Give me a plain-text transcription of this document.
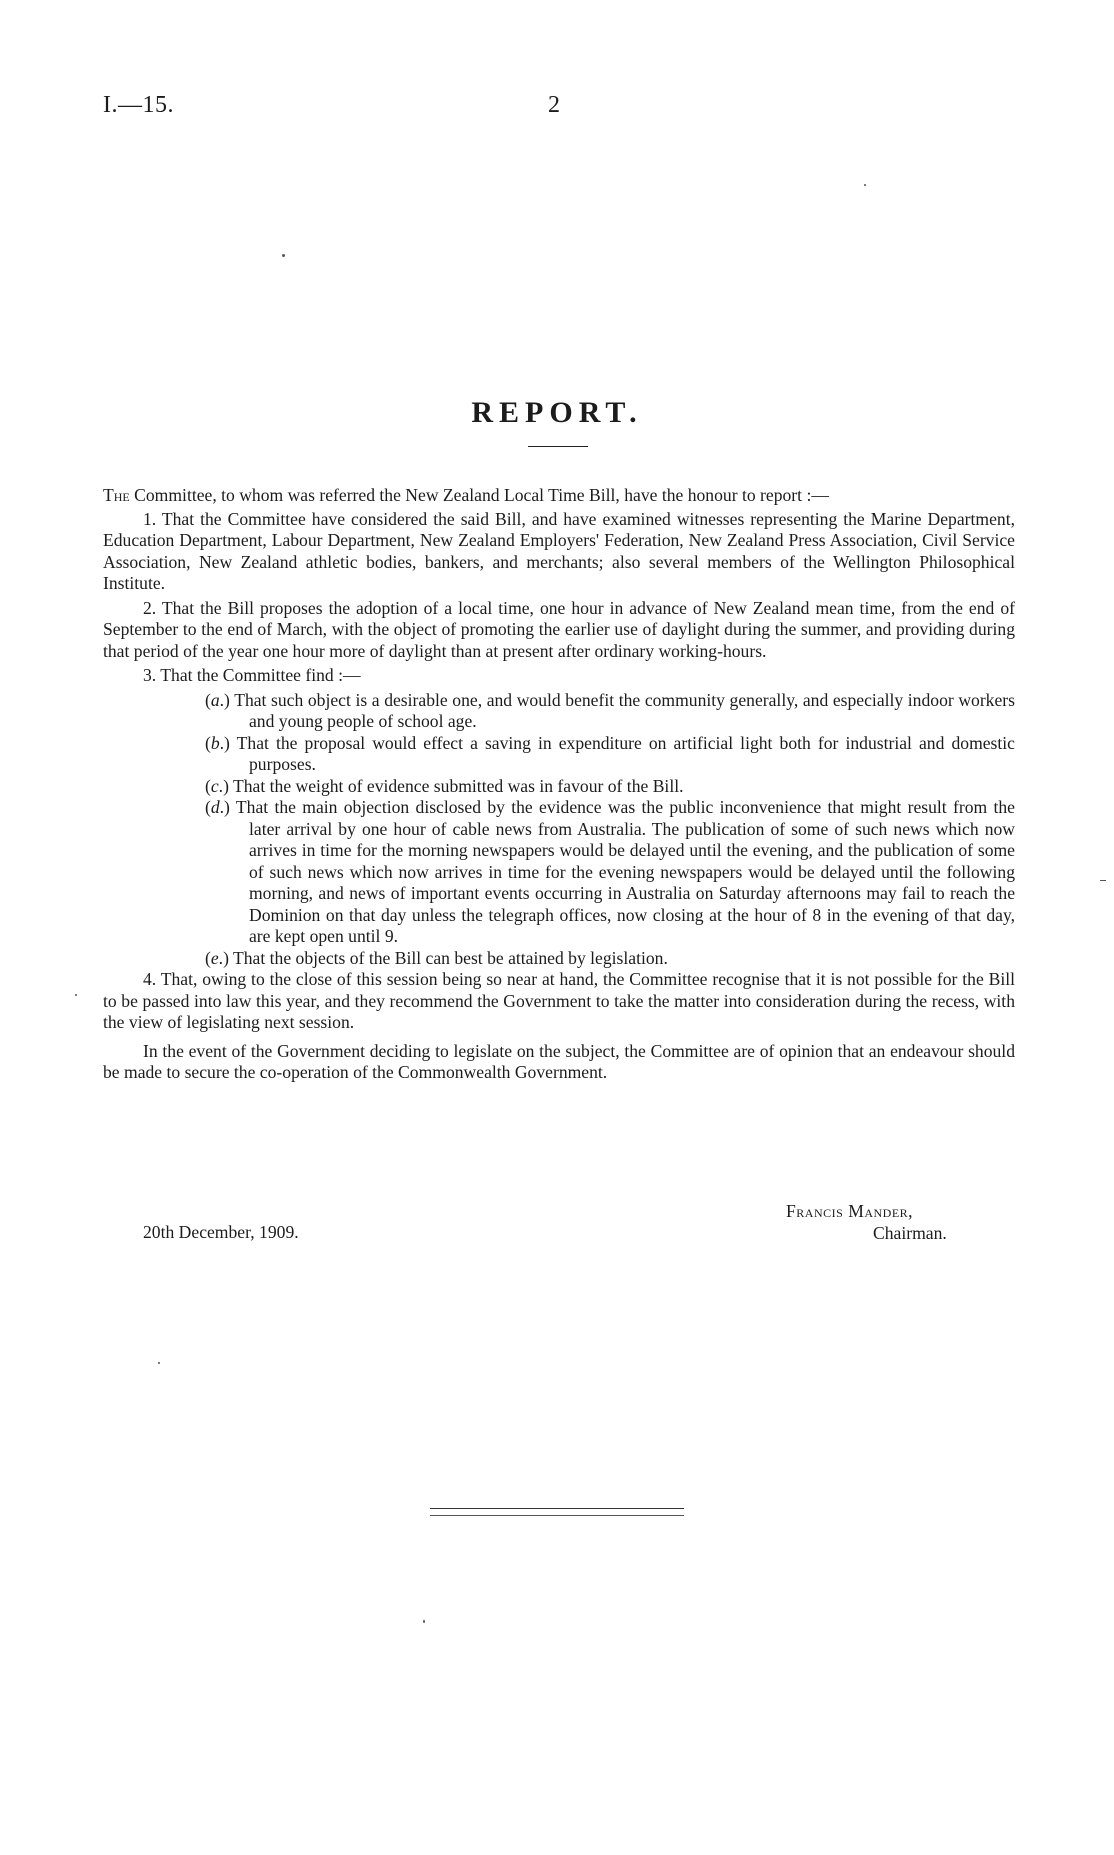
I.—15.	2
REPORT.

The Committee, to whom was referred the New Zealand Local Time Bill, have the honour to report :—

1. That the Committee have considered the said Bill, and have examined witnesses representing the Marine Department, Education Department, Labour Department, New Zealand Employers' Federation, New Zealand Press Association, Civil Service Association, New Zealand athletic bodies, bankers, and merchants; also several members of the Wellington Philosophical Institute.

2. That the Bill proposes the adoption of a local time, one hour in advance of New Zealand mean time, from the end of September to the end of March, with the object of promoting the earlier use of daylight during the summer, and providing during that period of the year one hour more of daylight than at present after ordinary working-hours.

3. That the Committee find :—

(a.) That such object is a desirable one, and would benefit the community generally, and especially indoor workers and young people of school age.

(b.) That the proposal would effect a saving in expenditure on artificial light both for industrial and domestic purposes.

(c.) That the weight of evidence submitted was in favour of the Bill.

(d.) That the main objection disclosed by the evidence was the public inconvenience that might result from the later arrival by one hour of cable news from Australia. The publication of some of such news which now arrives in time for the morning newspapers would be delayed until the evening, and the publication of some of such news which now arrives in time for the evening newspapers would be delayed until the following morning, and news of important events occurring in Australia on Saturday afternoons may fail to reach the Dominion on that day unless the telegraph offices, now closing at the hour of 8 in the evening of that day, are kept open until 9.

(e.) That the objects of the Bill can best be attained by legislation.

4. That, owing to the close of this session being so near at hand, the Committee recognise that it is not possible for the Bill to be passed into law this year, and they recommend the Government to take the matter into consideration during the recess, with the view of legislating next session.

In the event of the Government deciding to legislate on the subject, the Committee are of opinion that an endeavour should be made to secure the co-operation of the Commonwealth Government.

Francis Mander,
Chairman.
20th December, 1909.
